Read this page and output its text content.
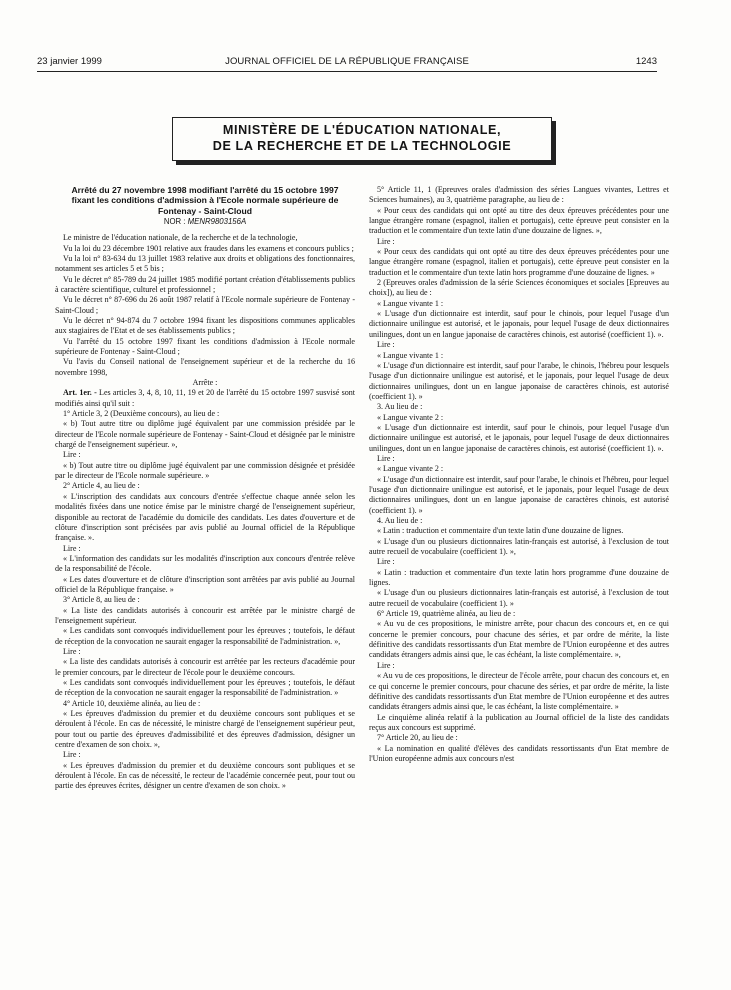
23 janvier 1999	JOURNAL OFFICIEL DE LA RÉPUBLIQUE FRANÇAISE	1243
MINISTÈRE DE L'ÉDUCATION NATIONALE,
DE LA RECHERCHE ET DE LA TECHNOLOGIE

Arrêté du 27 novembre 1998 modifiant l'arrêté du 15 octobre 1997 fixant les conditions d'admission à l'Ecole normale supérieure de Fontenay - Saint-Cloud

NOR : MENR9803156A

Le ministre de l'éducation nationale, de la recherche et de la technologie,

Vu la loi du 23 décembre 1901 relative aux fraudes dans les examens et concours publics ;

Vu la loi n° 83-634 du 13 juillet 1983 relative aux droits et obligations des fonctionnaires, notamment ses articles 5 et 5 bis ;

Vu le décret n° 85-789 du 24 juillet 1985 modifié portant création d'établissements publics à caractère scientifique, culturel et professionnel ;

Vu le décret n° 87-696 du 26 août 1987 relatif à l'Ecole normale supérieure de Fontenay - Saint-Cloud ;

Vu le décret n° 94-874 du 7 octobre 1994 fixant les dispositions communes applicables aux stagiaires de l'Etat et de ses établissements publics ;

Vu l'arrêté du 15 octobre 1997 fixant les conditions d'admission à l'Ecole normale supérieure de Fontenay - Saint-Cloud ;

Vu l'avis du Conseil national de l'enseignement supérieur et de la recherche du 16 novembre 1998,

Arrête :

Art. 1er. - Les articles 3, 4, 8, 10, 11, 19 et 20 de l'arrêté du 15 octobre 1997 susvisé sont modifiés ainsi qu'il suit :

1° Article 3, 2 (Deuxième concours), au lieu de :

« b) Tout autre titre ou diplôme jugé équivalent par une commission présidée par le directeur de l'Ecole normale supérieure de Fontenay - Saint-Cloud et désignée par le ministre chargé de l'enseignement supérieur. »,

Lire :

« b) Tout autre titre ou diplôme jugé équivalent par une commission désignée et présidée par le directeur de l'Ecole normale supérieure. »

2° Article 4, au lieu de :

« L'inscription des candidats aux concours d'entrée s'effectue chaque année selon les modalités fixées dans une notice émise par le ministre chargé de l'enseignement supérieur, disponible au rectorat de l'académie du domicile des candidats. Les dates d'ouverture et de clôture d'inscription sont précisées par avis publié au Journal officiel de la République française. ».

Lire :

« L'information des candidats sur les modalités d'inscription aux concours d'entrée relève de la responsabilité de l'école.

« Les dates d'ouverture et de clôture d'inscription sont arrêtées par avis publié au Journal officiel de la République française. »

3° Article 8, au lieu de :

« La liste des candidats autorisés à concourir est arrêtée par le ministre chargé de l'enseignement supérieur.

« Les candidats sont convoqués individuellement pour les épreuves ; toutefois, le défaut de réception de la convocation ne saurait engager la responsabilité de l'administration. »,

Lire :

« La liste des candidats autorisés à concourir est arrêtée par les recteurs d'académie pour le premier concours, par le directeur de l'école pour le deuxième concours.

« Les candidats sont convoqués individuellement pour les épreuves ; toutefois, le défaut de réception de la convocation ne saurait engager la responsabilité de l'administration. »

4° Article 10, deuxième alinéa, au lieu de :

« Les épreuves d'admission du premier et du deuxième concours sont publiques et se déroulent à l'école. En cas de nécessité, le ministre chargé de l'enseignement supérieur peut, pour tout ou partie des épreuves d'admissibilité et des épreuves d'admission, désigner un centre d'examen de son choix. »,

Lire :

« Les épreuves d'admission du premier et du deuxième concours sont publiques et se déroulent à l'école. En cas de nécessité, le recteur de l'académie concernée peut, pour tout ou partie des épreuves écrites, désigner un centre d'examen de son choix. »

5° Article 11, 1 (Epreuves orales d'admission des séries Langues vivantes, Lettres et Sciences humaines), au 3, quatrième paragraphe, au lieu de :

« Pour ceux des candidats qui ont opté au titre des deux épreuves précédentes pour une langue étrangère romane (espagnol, italien et portugais), cette épreuve peut consister en la traduction et le commentaire d'un texte latin d'une douzaine de lignes. »,

Lire :

« Pour ceux des candidats qui ont opté au titre des deux épreuves précédentes pour une langue étrangère romane (espagnol, italien et portugais), cette épreuve peut consister en la traduction et le commentaire d'un texte latin hors programme d'une douzaine de lignes. »

2 (Epreuves orales d'admission de la série Sciences économiques et sociales [Epreuves au choix]), au lieu de :

« Langue vivante 1 :

« L'usage d'un dictionnaire est interdit, sauf pour le chinois, pour lequel l'usage d'un dictionnaire unilingue est autorisé, et le japonais, pour lequel l'usage de deux dictionnaires unilingues, dont un en langue japonaise de caractères chinois, est autorisé (coefficient 1). ».

Lire :

« Langue vivante 1 :

« L'usage d'un dictionnaire est interdit, sauf pour l'arabe, le chinois, l'hébreu pour lesquels l'usage d'un dictionnaire unilingue est autorisé, et le japonais, pour lequel l'usage de deux dictionnaires unilingues, dont un en langue japonaise de caractères chinois, est autorisé (coefficient 1). »

3. Au lieu de :

« Langue vivante 2 :

« L'usage d'un dictionnaire est interdit, sauf pour le chinois, pour lequel l'usage d'un dictionnaire unilingue est autorisé, et le japonais, pour lequel l'usage de deux dictionnaires unilingues, dont un en langue japonaise de caractères chinois, est autorisé (coefficient 1). ».

Lire :

« Langue vivante 2 :

« L'usage d'un dictionnaire est interdit, sauf pour l'arabe, le chinois et l'hébreu, pour lequel l'usage d'un dictionnaire unilingue est autorisé, et le japonais, pour lequel l'usage de deux dictionnaires unilingues, dont un en langue japonaise de caractères chinois, est autorisé (coefficient 1). »

4. Au lieu de :

« Latin : traduction et commentaire d'un texte latin d'une douzaine de lignes.

« L'usage d'un ou plusieurs dictionnaires latin-français est autorisé, à l'exclusion de tout autre recueil de vocabulaire (coefficient 1). »,

Lire :

« Latin : traduction et commentaire d'un texte latin hors programme d'une douzaine de lignes.

« L'usage d'un ou plusieurs dictionnaires latin-français est autorisé, à l'exclusion de tout autre recueil de vocabulaire (coefficient 1). »

6° Article 19, quatrième alinéa, au lieu de :

« Au vu de ces propositions, le ministre arrête, pour chacun des concours et, en ce qui concerne le premier concours, pour chacune des séries, et par ordre de mérite, la liste définitive des candidats ressortissants d'un Etat membre de l'Union européenne et des autres candidats étrangers admis ainsi que, le cas échéant, la liste complémentaire. »,

Lire :

« Au vu de ces propositions, le directeur de l'école arrête, pour chacun des concours et, en ce qui concerne le premier concours, pour chacune des séries, et par ordre de mérite, la liste définitive des candidats ressortissants d'un Etat membre de l'Union européenne et des autres candidats étrangers admis ainsi que, le cas échéant, la liste complémentaire. »

Le cinquième alinéa relatif à la publication au Journal officiel de la liste des candidats reçus aux concours est supprimé.

7° Article 20, au lieu de :

« La nomination en qualité d'élèves des candidats ressortissants d'un Etat membre de l'Union européenne admis aux concours n'est
